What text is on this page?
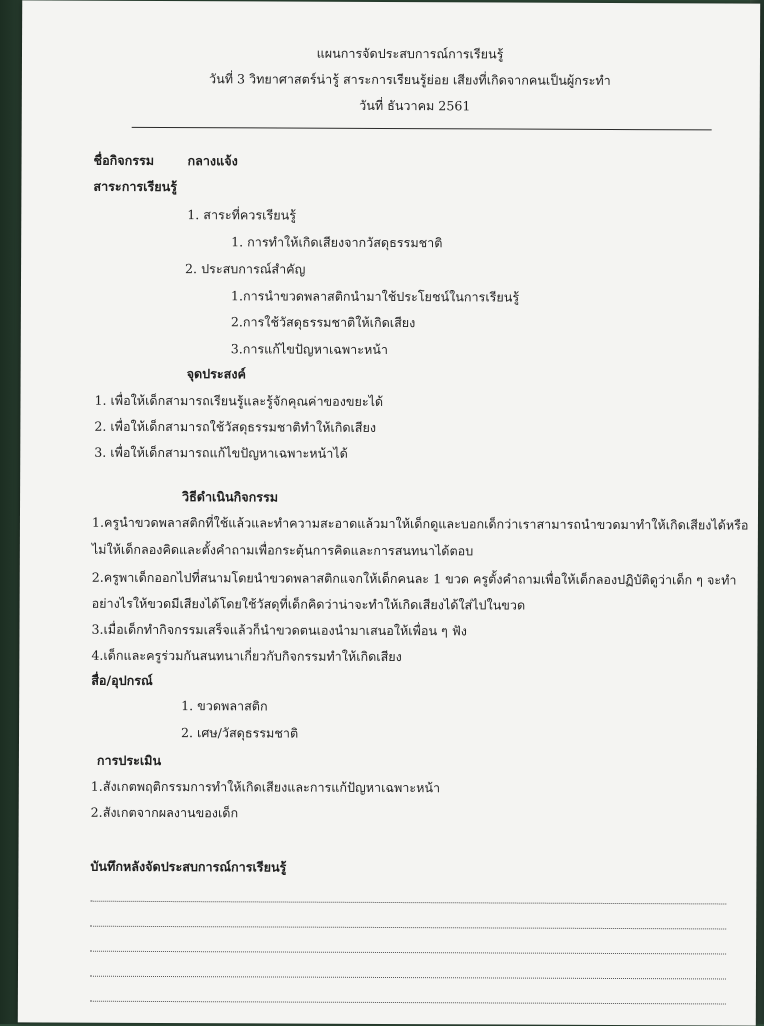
แผนการจัดประสบการณ์การเรียนรู้
วันที่ 3 วิทยาศาสตร์น่ารู้ สาระการเรียนรู้ย่อย เสียงที่เกิดจากคนเป็นผู้กระทำ
วันที่ ธันวาคม 2561
ชื่อกิจกรรม	กลางแจ้ง
สาระการเรียนรู้
1. สาระที่ควรเรียนรู้
1. การทำให้เกิดเสียงจากวัสดุธรรมชาติ
2. ประสบการณ์สำคัญ
1.การนำขวดพลาสติกนำมาใช้ประโยชน์ในการเรียนรู้
2.การใช้วัสดุธรรมชาติให้เกิดเสียง
3.การแก้ไขปัญหาเฉพาะหน้า
จุดประสงค์
1. เพื่อให้เด็กสามารถเรียนรู้และรู้จักคุณค่าของขยะได้
2. เพื่อให้เด็กสามารถใช้วัสดุธรรมชาติทำให้เกิดเสียง
3. เพื่อให้เด็กสามารถแก้ไขปัญหาเฉพาะหน้าได้
วิธีดำเนินกิจกรรม
1.ครูนำขวดพลาสติกที่ใช้แล้วและทำความสะอาดแล้วมาให้เด็กดูและบอกเด็กว่าเราสามารถนำขวดมาทำให้เกิดเสียงได้หรือ
ไม่ให้เด็กลองคิดและตั้งคำถามเพื่อกระตุ้นการคิดและการสนทนาได้ตอบ
2.ครูพาเด็กออกไปที่สนามโดยนำขวดพลาสติกแจกให้เด็กคนละ 1 ขวด ครูตั้งคำถามเพื่อให้เด็กลองปฏิบัติดูว่าเด็ก ๆ จะทำ
อย่างไรให้ขวดมีเสียงได้โดยใช้วัสดุที่เด็กคิดว่าน่าจะทำให้เกิดเสียงได้ใส่ไปในขวด
3.เมื่อเด็กทำกิจกรรมเสร็จแล้วก็นำขวดตนเองนำมาเสนอให้เพื่อน ๆ ฟัง
4.เด็กและครูร่วมกันสนทนาเกี่ยวกับกิจกรรมทำให้เกิดเสียง
สื่อ/อุปกรณ์
1. ขวดพลาสติก
2. เศษ/วัสดุธรรมชาติ
การประเมิน
1.สังเกตพฤติกรรมการทำให้เกิดเสียงและการแก้ปัญหาเฉพาะหน้า
2.สังเกตจากผลงานของเด็ก
บันทึกหลังจัดประสบการณ์การเรียนรู้
